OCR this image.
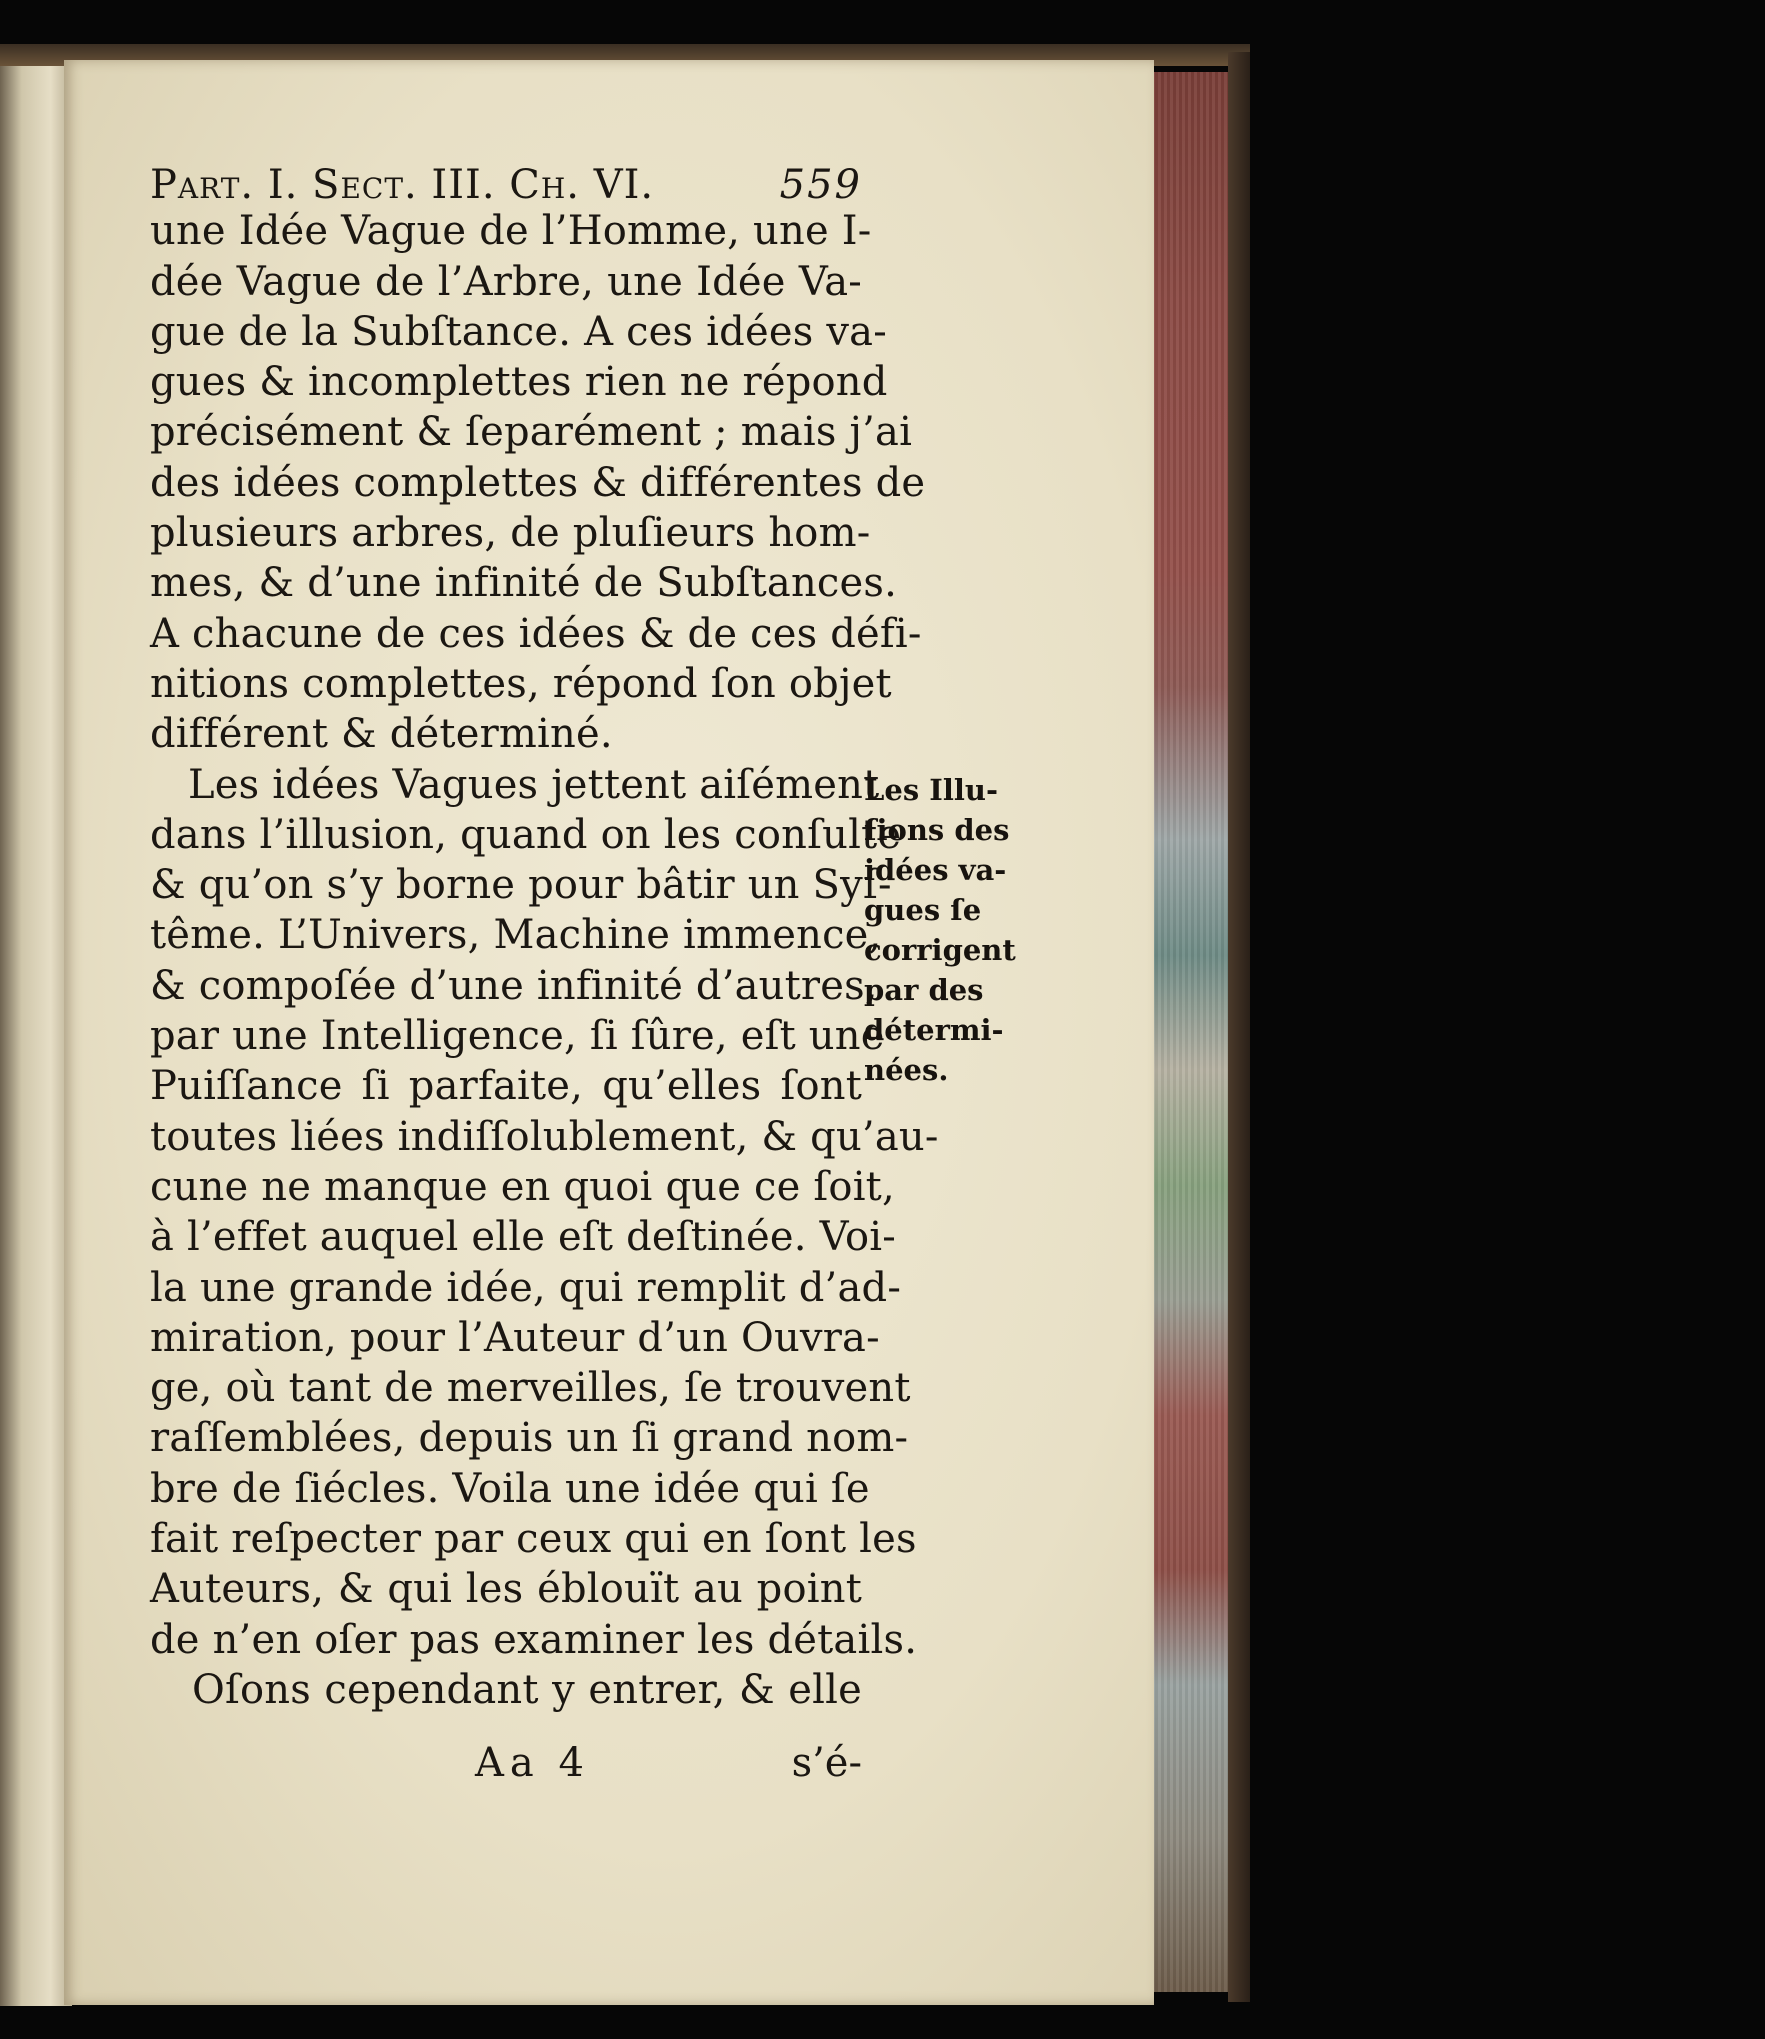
Part. I. Sect. III. Ch. VI.	559
une Idée Vague de l’Homme, une I-
dée Vague de l’Arbre, une Idée Va-
gue de la Subſtance. A ces idées va-
gues & incomplettes rien ne répond
précisément & ſeparément ; mais j’ai
des idées complettes & différentes de
plusieurs arbres, de pluſieurs hom-
mes, & d’une infinité de Subſtances.
A chacune de ces idées & de ces défi-
nitions complettes, répond ſon objet
différent & déterminé.
Les idées Vagues jettent aiſément
dans l’illusion, quand on les conſulte
& qu’on s’y borne pour bâtir un Syſ-
tême. L’Univers, Machine immence,
& compoſée d’une infinité d’autres,
par une Intelligence, ſi ſûre, eſt une
Puiſſance ſi parfaite, qu’elles ſont
toutes liées indiſſolublement, & qu’au-
cune ne manque en quoi que ce ſoit,
à l’effet auquel elle eſt deſtinée. Voi-
la une grande idée, qui remplit d’ad-
miration, pour l’Auteur d’un Ouvra-
ge, où tant de merveilles, ſe trouvent
raſſemblées, depuis un ſi grand nom-
bre de ſiécles. Voila une idée qui ſe
fait reſpecter par ceux qui en ſont les
Auteurs, & qui les éblouït au point
de n’en oſer pas examiner les détails.
Oſons cependant y entrer, & elle
Les Illu-
ſions des
idées va-
gues ſe
corrigent
par des
détermi-
nées.
Aa 4	s’é-
